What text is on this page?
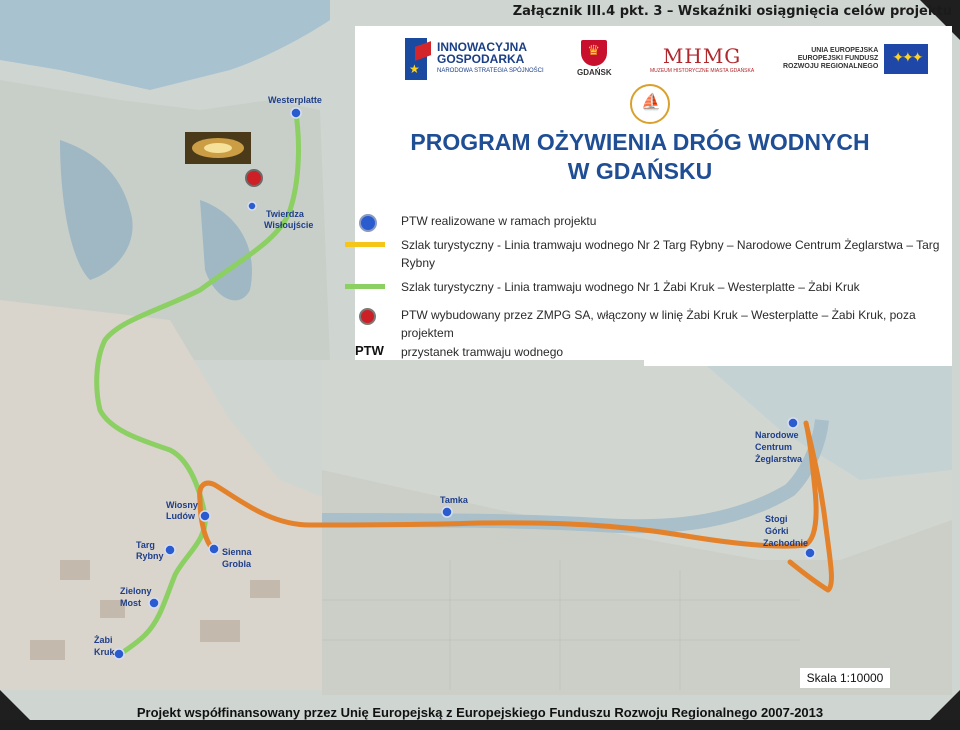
Westerplatte
Twierdza
Wisłoujście
Narodowe
Centrum
Żeglarstwa
Tamka
Stogi
Górki
Zachodnie
Wiosny
Ludów
Targ
Rybny	Sienna
Grobla
Zielony
Most
Żabi
Kruk
Załącznik III.4 pkt. 3 – Wskaźniki osiągnięcia celów projektu
★
INNOWACYJNA
GOSPODARKA
NARODOWA STRATEGIA SPÓJNOŚCI
♛
GDAŃSK
MHMG
MUZEUM HISTORYCZNE MIASTA GDAŃSKA
UNIA EUROPEJSKA
EUROPEJSKI FUNDUSZ
ROZWOJU REGIONALNEGO
✦✦✦
⛵
PROGRAM OŻYWIENIA DRÓG WODNYCH
W GDAŃSKU
PTW realizowane w ramach projektu
Szlak turystyczny - Linia tramwaju wodnego Nr 2 Targ Rybny – Narodowe Centrum Żeglarstwa – Targ Rybny
Szlak turystyczny - Linia tramwaju wodnego Nr 1 Żabi Kruk – Westerplatte – Żabi Kruk
PTW wybudowany przez ZMPG SA, włączony w linię Żabi Kruk – Westerplatte – Żabi Kruk, poza projektem
PTW przystanek tramwaju wodnego
Skala 1:10000
Projekt współfinansowany przez Unię Europejską z Europejskiego Funduszu Rozwoju Regionalnego 2007-2013
